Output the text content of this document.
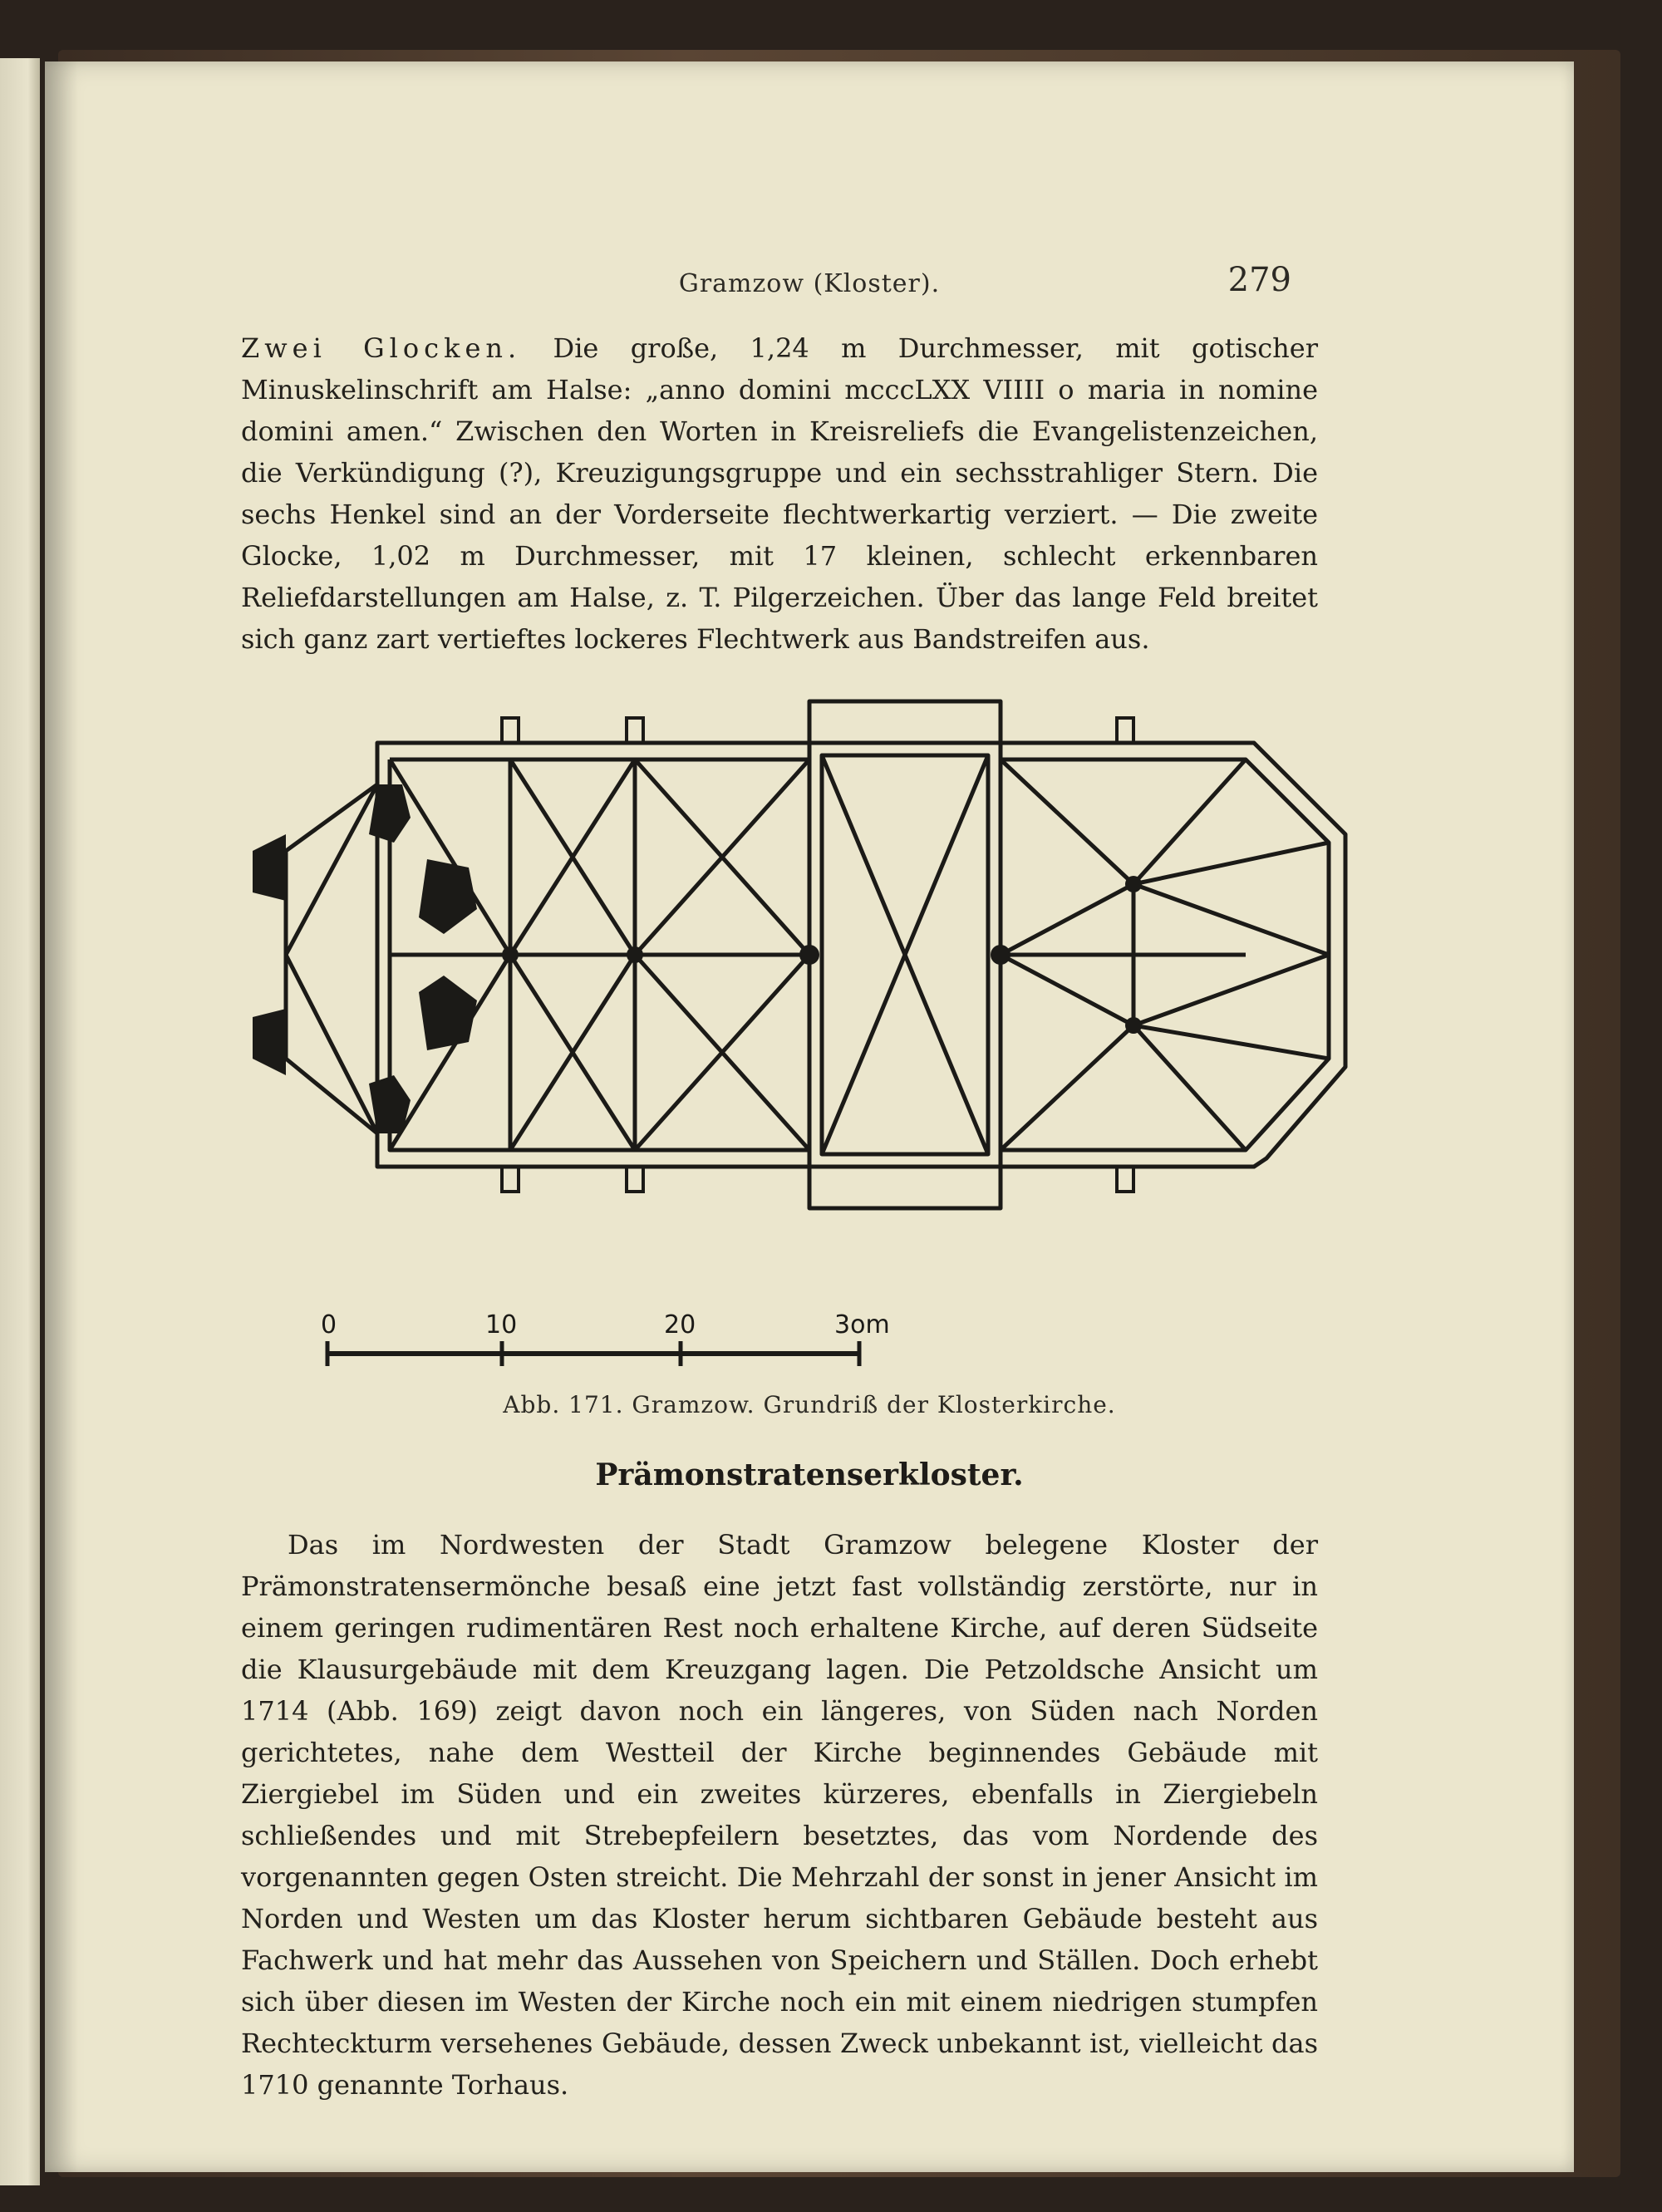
Gramzow (Kloster).	279

Zwei Glocken. Die große, 1,24 m Durchmesser, mit gotischer Minuskelinschrift am Halse: „anno domini mcccLXX VIIII o maria in nomine domini amen.“ Zwischen den Worten in Kreisreliefs die Evangelistenzeichen, die Verkündigung (?), Kreuzigungsgruppe und ein sechsstrahliger Stern. Die sechs Henkel sind an der Vorderseite flechtwerkartig verziert. — Die zweite Glocke, 1,02 m Durchmesser, mit 17 kleinen, schlecht erkennbaren Reliefdarstellungen am Halse, z. T. Pilgerzeichen. Über das lange Feld breitet sich ganz zart vertieftes lockeres Flechtwerk aus Bandstreifen aus.

0	10	20	3om
Abb. 171. Gramzow. Grundriß der Klosterkirche.
Prämonstratenserkloster.

Das im Nordwesten der Stadt Gramzow belegene Kloster der Prämonstratensermönche besaß eine jetzt fast vollständig zerstörte, nur in einem geringen rudimentären Rest noch erhaltene Kirche, auf deren Südseite die Klausurgebäude mit dem Kreuzgang lagen. Die Petzoldsche Ansicht um 1714 (Abb. 169) zeigt davon noch ein längeres, von Süden nach Norden gerichtetes, nahe dem Westteil der Kirche beginnendes Gebäude mit Ziergiebel im Süden und ein zweites kürzeres, ebenfalls in Ziergiebeln schließendes und mit Strebepfeilern besetztes, das vom Nordende des vorgenannten gegen Osten streicht. Die Mehrzahl der sonst in jener Ansicht im Norden und Westen um das Kloster herum sichtbaren Gebäude besteht aus Fachwerk und hat mehr das Aussehen von Speichern und Ställen. Doch erhebt sich über diesen im Westen der Kirche noch ein mit einem niedrigen stumpfen Rechteckturm versehenes Gebäude, dessen Zweck unbekannt ist, vielleicht das 1710 genannte Torhaus.
